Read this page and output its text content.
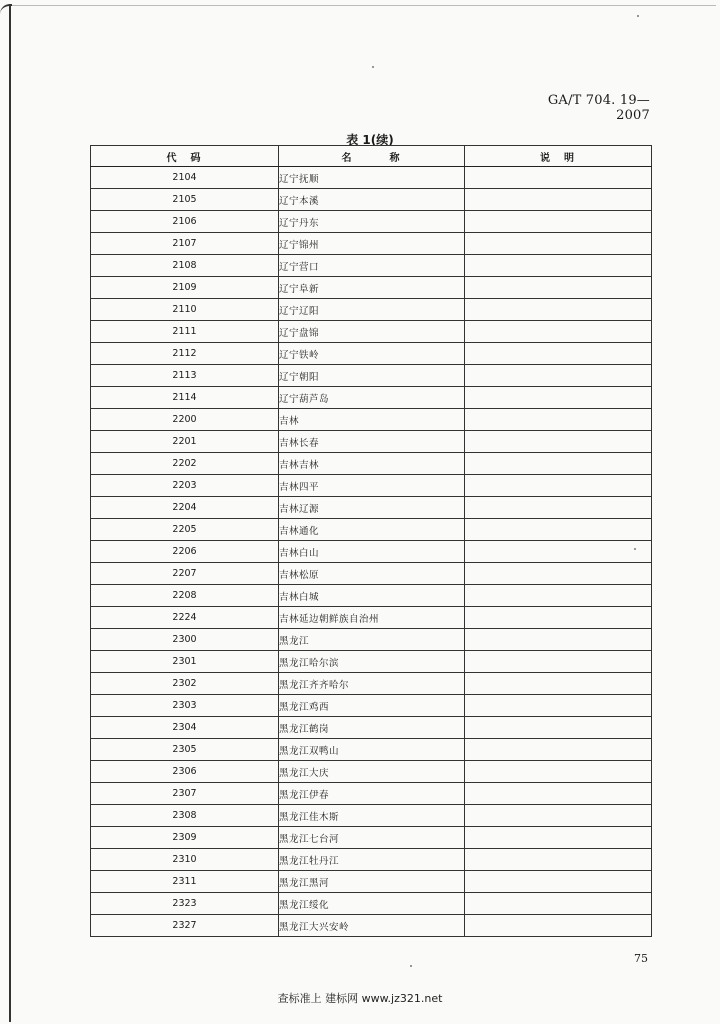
GA/T 704. 19—2007
表 1(续)
代　码	名　　　称	说　明
2104	辽宁抚顺	
2105	辽宁本溪	
2106	辽宁丹东	
2107	辽宁锦州	
2108	辽宁营口	
2109	辽宁阜新	
2110	辽宁辽阳	
2111	辽宁盘锦	
2112	辽宁铁岭	
2113	辽宁朝阳	
2114	辽宁葫芦岛	
2200	吉林	
2201	吉林长春	
2202	吉林吉林	
2203	吉林四平	
2204	吉林辽源	
2205	吉林通化	
2206	吉林白山	
2207	吉林松原	
2208	吉林白城	
2224	吉林延边朝鲜族自治州	
2300	黑龙江	
2301	黑龙江哈尔滨	
2302	黑龙江齐齐哈尔	
2303	黑龙江鸡西	
2304	黑龙江鹤岗	
2305	黑龙江双鸭山	
2306	黑龙江大庆	
2307	黑龙江伊春	
2308	黑龙江佳木斯	
2309	黑龙江七台河	
2310	黑龙江牡丹江	
2311	黑龙江黑河	
2323	黑龙江绥化	
2327	黑龙江大兴安岭	
75
查标准上 建标网 www.jz321.net
